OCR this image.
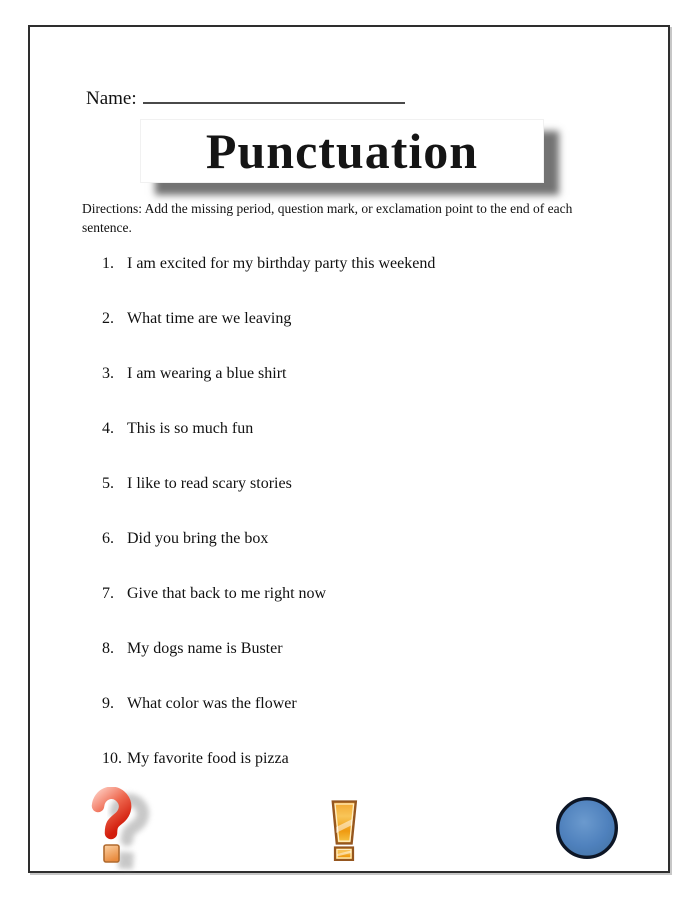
Name:
Punctuation
Directions: Add the missing period, question mark, or exclamation point to the end of each
sentence.
1. I am excited for my birthday party this weekend
2. What time are we leaving
3. I am wearing a blue shirt
4. This is so much fun
5. I like to read scary stories
6. Did you bring the box
7. Give that back to me right now
8. My dogs name is Buster
9. What color was the flower
10. My favorite food is pizza
